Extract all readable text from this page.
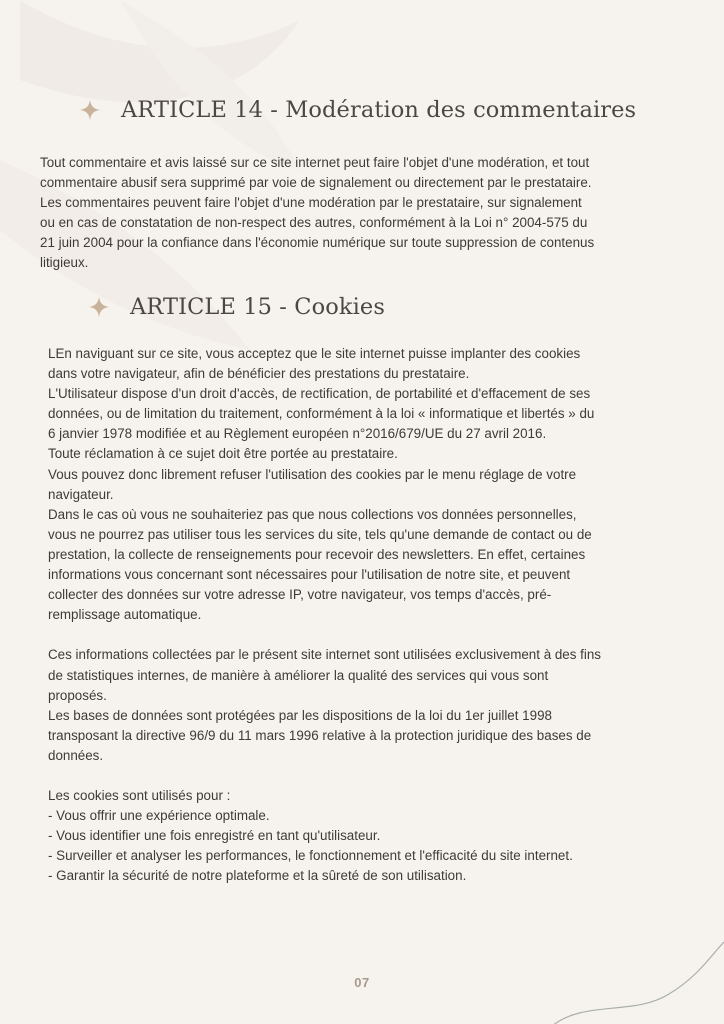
ARTICLE 14 - Modération des commentaires
Tout commentaire et avis laissé sur ce site internet peut faire l'objet d'une modération, et tout
commentaire abusif sera supprimé par voie de signalement ou directement par le prestataire.
Les commentaires peuvent faire l'objet d'une modération par le prestataire, sur signalement
ou en cas de constatation de non-respect des autres, conformément à la Loi n° 2004-575 du
21 juin 2004 pour la confiance dans l'économie numérique sur toute suppression de contenus
litigieux.
ARTICLE 15 - Cookies
LEn naviguant sur ce site, vous acceptez que le site internet puisse implanter des cookies
dans votre navigateur, afin de bénéficier des prestations du prestataire.
L'Utilisateur dispose d'un droit d'accès, de rectification, de portabilité et d'effacement de ses
données, ou de limitation du traitement, conformément à la loi « informatique et libertés » du
6 janvier 1978 modifiée et au Règlement européen n°2016/679/UE du 27 avril 2016.
Toute réclamation à ce sujet doit être portée au prestataire.
Vous pouvez donc librement refuser l'utilisation des cookies par le menu réglage de votre
navigateur.
Dans le cas où vous ne souhaiteriez pas que nous collections vos données personnelles,
vous ne pourrez pas utiliser tous les services du site, tels qu'une demande de contact ou de
prestation, la collecte de renseignements pour recevoir des newsletters. En effet, certaines
informations vous concernant sont nécessaires pour l'utilisation de notre site, et peuvent
collecter des données sur votre adresse IP, votre navigateur, vos temps d'accès, pré-
remplissage automatique.
Ces informations collectées par le présent site internet sont utilisées exclusivement à des fins
de statistiques internes, de manière à améliorer la qualité des services qui vous sont
proposés.
Les bases de données sont protégées par les dispositions de la loi du 1er juillet 1998
transposant la directive 96/9 du 11 mars 1996 relative à la protection juridique des bases de
données.
Les cookies sont utilisés pour :
- Vous offrir une expérience optimale.
- Vous identifier une fois enregistré en tant qu'utilisateur.
- Surveiller et analyser les performances, le fonctionnement et l'efficacité du site internet.
- Garantir la sécurité de notre plateforme et la sûreté de son utilisation.
07
